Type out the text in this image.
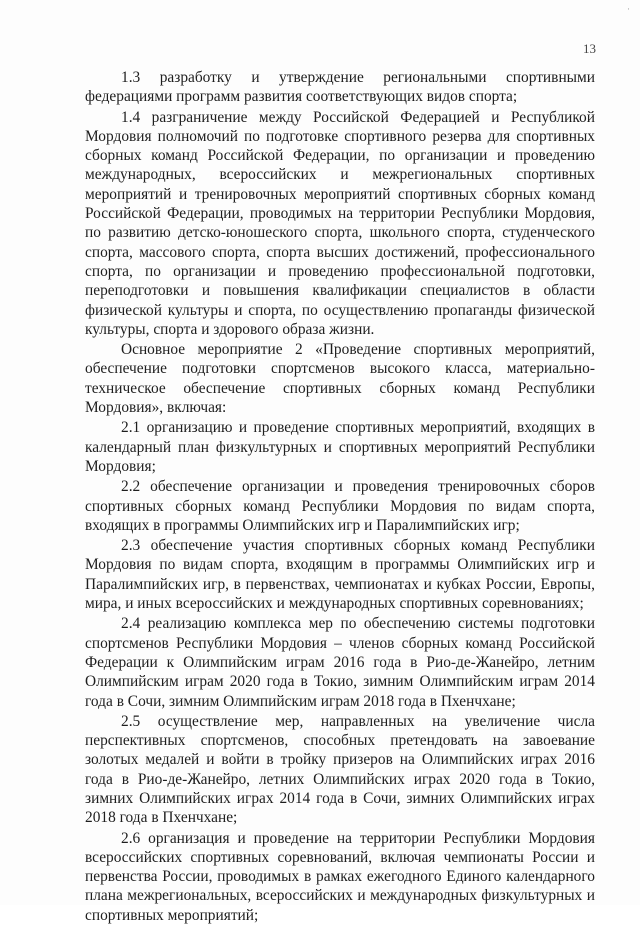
·
13

1.3 разработку и утверждение региональными спортивными федерациями программ развития соответствующих видов спорта;

1.4 разграничение между Российской Федерацией и Республикой Мордовия полномочий по подготовке спортивного резерва для спортивных сборных команд Российской Федерации, по организации и проведению международных, всероссийских и межрегиональных спортивных мероприятий и тренировочных мероприятий спортивных сборных команд Российской Федерации, проводимых на территории Республики Мордовия, по развитию детско-юношеского спорта, школьного спорта, студенческого спорта, массового спорта, спорта высших достижений, профессионального спорта, по организации и проведению профессиональной подготовки, переподготовки и повышения квалификации специалистов в области физической культуры и спорта, по осуществлению пропаганды физической культуры, спорта и здорового образа жизни.

Основное мероприятие 2 «Проведение спортивных мероприятий, обеспечение подготовки спортсменов высокого класса, материально-техническое обеспечение спортивных сборных команд Республики Мордовия», включая:

2.1 организацию и проведение спортивных мероприятий, входящих в календарный план физкультурных и спортивных мероприятий Республики Мордовия;

2.2 обеспечение организации и проведения тренировочных сборов спортивных сборных команд Республики Мордовия по видам спорта, входящих в программы Олимпийских игр и Паралимпийских игр;

2.3 обеспечение участия спортивных сборных команд Республики Мордовия по видам спорта, входящим в программы Олимпийских игр и Паралимпийских игр, в первенствах, чемпионатах и кубках России, Европы, мира, и иных всероссийских и международных спортивных соревнованиях;

2.4 реализацию комплекса мер по обеспечению системы подготовки спортсменов Республики Мордовия – членов сборных команд Российской Федерации к Олимпийским играм 2016 года в Рио-де-Жанейро, летним Олимпийским играм 2020 года в Токио, зимним Олимпийским играм 2014 года в Сочи, зимним Олимпийским играм 2018 года в Пхенчхане;

2.5 осуществление мер, направленных на увеличение числа перспективных спортсменов, способных претендовать на завоевание золотых медалей и войти в тройку призеров на Олимпийских играх 2016 года в Рио-де-Жанейро, летних Олимпийских играх 2020 года в Токио, зимних Олимпийских играх 2014 года в Сочи, зимних Олимпийских играх 2018 года в Пхенчхане;

2.6 организация и проведение на территории Республики Мордовия всероссийских спортивных соревнований, включая чемпионаты России и первенства России, проводимых в рамках ежегодного Единого календарного плана межрегиональных, всероссийских и международных физкультурных и спортивных мероприятий;
